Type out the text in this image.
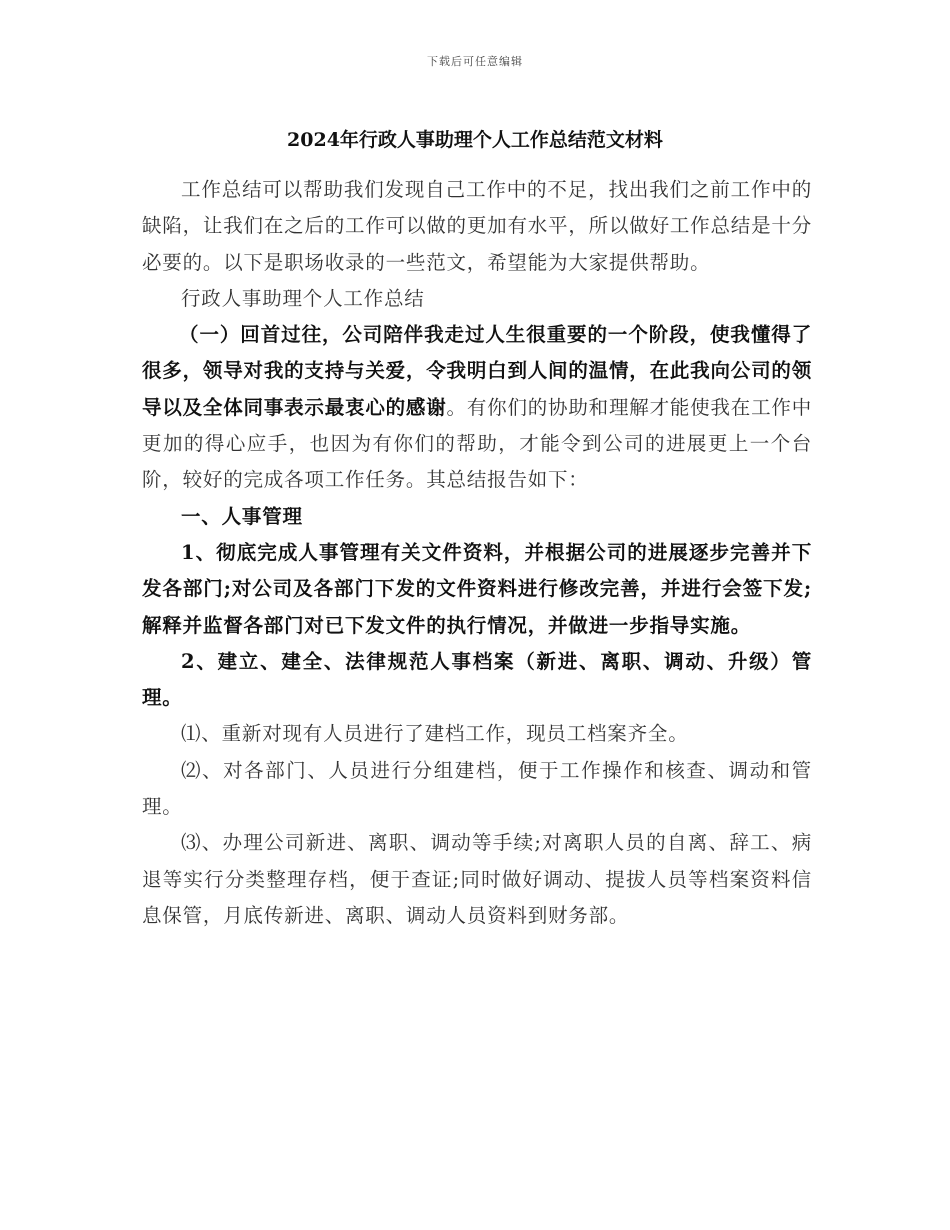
下载后可任意编辑
2024年行政人事助理个人工作总结范文材料

工作总结可以帮助我们发现自己工作中的不足，找出我们之前工作中的缺陷，让我们在之后的工作可以做的更加有水平，所以做好工作总结是十分必要的。以下是职场收录的一些范文，希望能为大家提供帮助。

行政人事助理个人工作总结

（一）回首过往，公司陪伴我走过人生很重要的一个阶段，使我懂得了很多，领导对我的支持与关爱，令我明白到人间的温情，在此我向公司的领导以及全体同事表示最衷心的感谢。有你们的协助和理解才能使我在工作中更加的得心应手，也因为有你们的帮助，才能令到公司的进展更上一个台阶，较好的完成各项工作任务。其总结报告如下：

一、人事管理

1、彻底完成人事管理有关文件资料，并根据公司的进展逐步完善并下发各部门;对公司及各部门下发的文件资料进行修改完善，并进行会签下发;解释并监督各部门对已下发文件的执行情况，并做进一步指导实施。

2、建立、建全、法律规范人事档案（新进、离职、调动、升级）管理。

⑴、重新对现有人员进行了建档工作，现员工档案齐全。

⑵、对各部门、人员进行分组建档，便于工作操作和核查、调动和管理。

⑶、办理公司新进、离职、调动等手续;对离职人员的自离、辞工、病退等实行分类整理存档，便于查证;同时做好调动、提拔人员等档案资料信息保管，月底传新进、离职、调动人员资料到财务部。
